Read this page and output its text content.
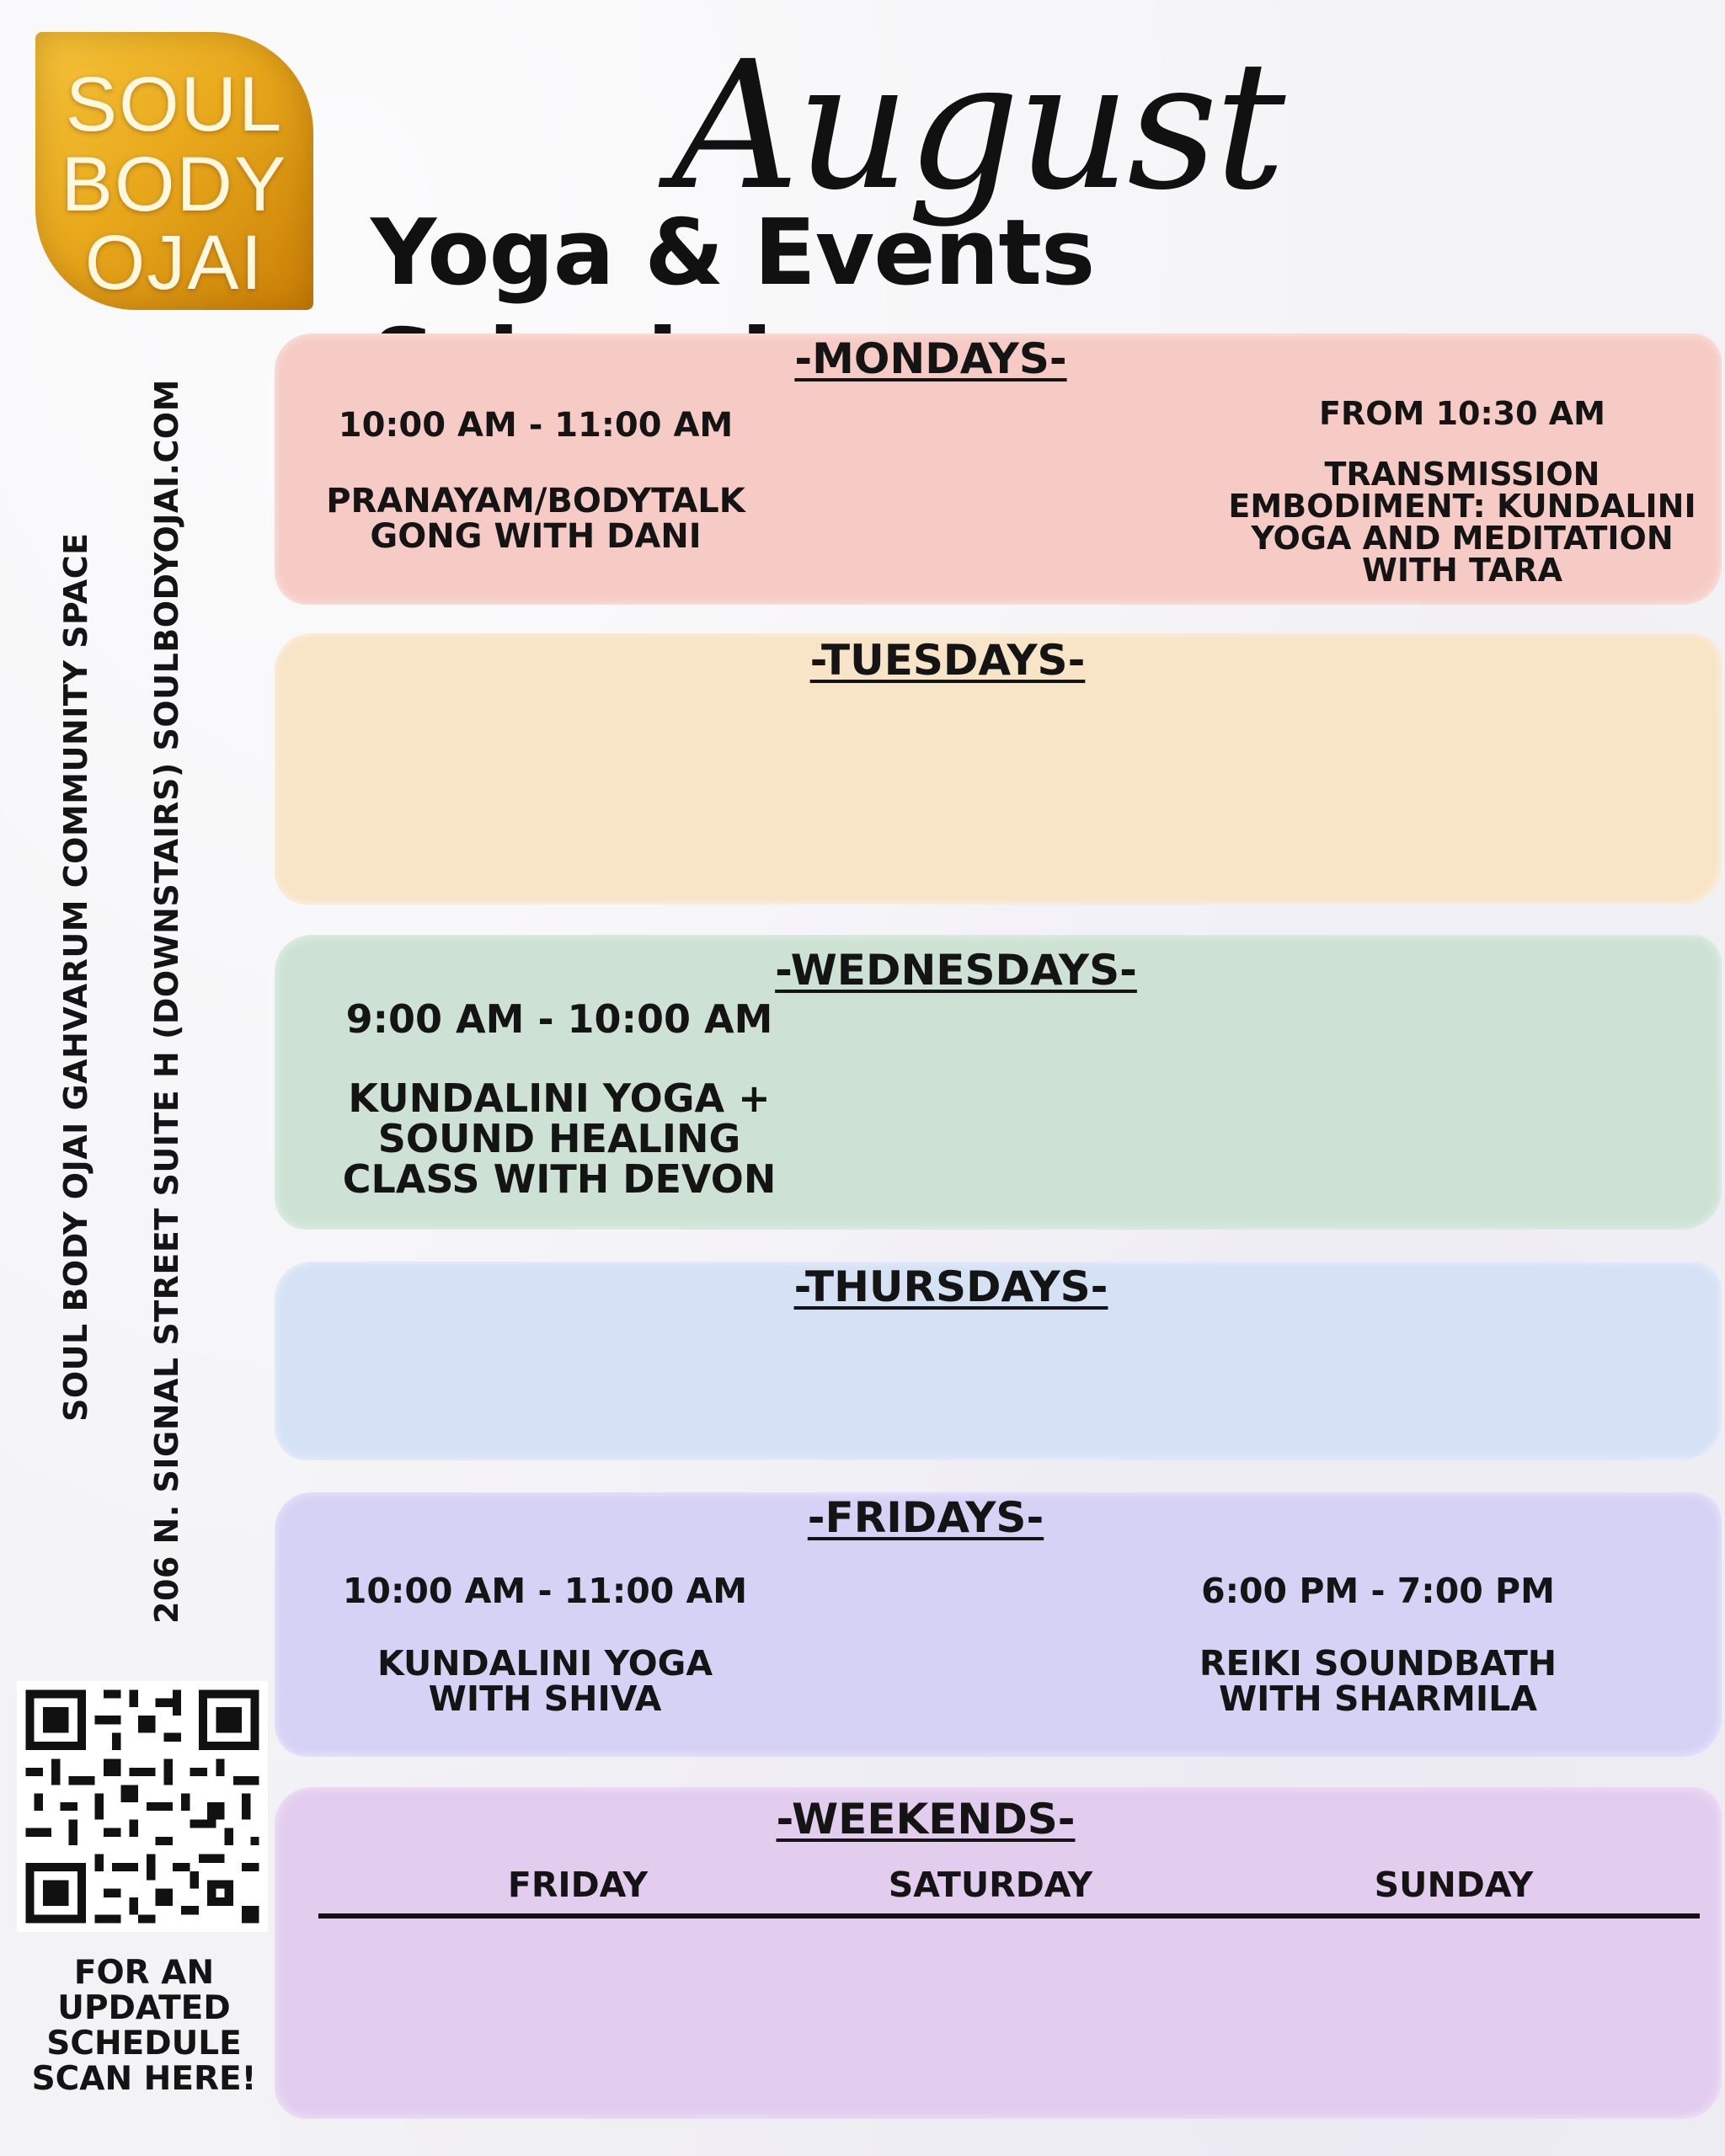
SOUL
BODY
OJAI
August
Yoga & Events
SOUL BODY OJAI GAHVARUM COMMUNITY SPACE 206 N. SIGNAL STREET SUITE H (DOWNSTAIRS) SOULBODYOJAI.COM
FOR AN UPDATED SCHEDULE SCAN HERE!
-MONDAYS-
10:00 AM - 11:00 AM
PRANAYAM/BODYTALK GONG WITH DANI
FROM 10:30 AM
TRANSMISSION EMBODIMENT: KUNDALINI YOGA AND MEDITATION WITH TARA
-TUESDAYS-
-WEDNESDAYS-
9:00 AM - 10:00 AM
KUNDALINI YOGA + SOUND HEALING CLASS WITH DEVON
-THURSDAYS-
-FRIDAYS-
10:00 AM - 11:00 AM
KUNDALINI YOGA WITH SHIVA
6:00 PM - 7:00 PM
REIKI SOUNDBATH WITH SHARMILA
-WEEKENDS-
FRIDAY	SATURDAY	SUNDAY
